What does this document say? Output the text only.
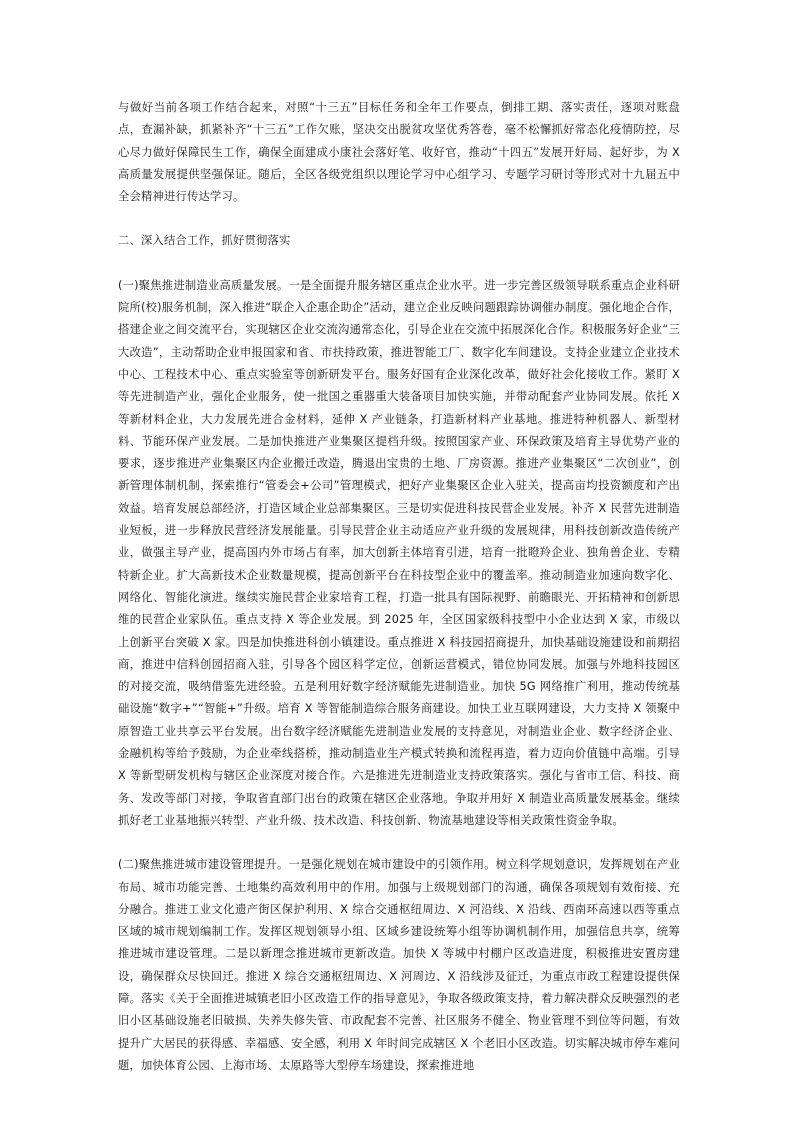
与做好当前各项工作结合起来，对照“十三五”目标任务和全年工作要点，倒排工期、落实责任，逐项对账盘点，查漏补缺，抓紧补齐“十三五”工作欠账，坚决交出脱贫攻坚优秀答卷，毫不松懈抓好常态化疫情防控，尽心尽力做好保障民生工作，确保全面建成小康社会落好笔、收好官，推动“十四五”发展开好局、起好步，为 X 高质量发展提供坚强保证。随后，全区各级党组织以理论学习中心组学习、专题学习研讨等形式对十九届五中全会精神进行传达学习。

二、深入结合工作，抓好贯彻落实

(一)聚焦推进制造业高质量发展。一是全面提升服务辖区重点企业水平。进一步完善区级领导联系重点企业科研院所(校)服务机制，深入推进“联企入企惠企助企”活动，建立企业反映问题跟踪协调催办制度。强化地企合作，搭建企业之间交流平台，实现辖区企业交流沟通常态化，引导企业在交流中拓展深化合作。积极服务好企业“三大改造”，主动帮助企业申报国家和省、市扶持政策，推进智能工厂、数字化车间建设。支持企业建立企业技术中心、工程技术中心、重点实验室等创新研发平台。服务好国有企业深化改革，做好社会化接收工作。紧盯 X 等先进制造产业，强化企业服务，使一批国之重器重大装备项目加快实施，并带动配套产业协同发展。依托 X 等新材料企业，大力发展先进合金材料，延伸 X 产业链条，打造新材料产业基地。推进特种机器人、新型材料、节能环保产业发展。二是加快推进产业集聚区提档升级。按照国家产业、环保政策及培育主导优势产业的要求，逐步推进产业集聚区内企业搬迁改造，腾退出宝贵的土地、厂房资源。推进产业集聚区“二次创业”，创新管理体制机制，探索推行“管委会+公司”管理模式，把好产业集聚区企业入驻关，提高亩均投资额度和产出效益。培育发展总部经济，打造区域企业总部集聚区。三是切实促进科技民营企业发展。补齐 X 民营先进制造业短板，进一步释放民营经济发展能量。引导民营企业主动适应产业升级的发展规律，用科技创新改造传统产业，做强主导产业，提高国内外市场占有率，加大创新主体培育引进，培育一批瞪羚企业、独角兽企业、专精特新企业。扩大高新技术企业数量规模，提高创新平台在科技型企业中的覆盖率。推动制造业加速向数字化、网络化、智能化演进。继续实施民营企业家培育工程，打造一批具有国际视野、前瞻眼光、开拓精神和创新思维的民营企业家队伍。重点支持 X 等企业发展。到 2025 年，全区国家级科技型中小企业达到 X 家，市级以上创新平台突破 X 家。四是加快推进科创小镇建设。重点推进 X 科技园招商提升，加快基础设施建设和前期招商，推进中信科创园招商入驻，引导各个园区科学定位，创新运营模式，错位协同发展。加强与外地科技园区的对接交流，吸纳借鉴先进经验。五是利用好数字经济赋能先进制造业。加快 5G 网络推广利用，推动传统基础设施“数字+”“智能+”升级。培育 X 等智能制造综合服务商建设。加快工业互联网建设，大力支持 X 领聚中原智造工业共享云平台发展。出台数字经济赋能先进制造业发展的支持意见，对制造业企业、数字经济企业、金融机构等给予鼓励，为企业牵线搭桥，推动制造业生产模式转换和流程再造，着力迈向价值链中高端。引导 X 等新型研发机构与辖区企业深度对接合作。六是推进先进制造业支持政策落实。强化与省市工信、科技、商务、发改等部门对接，争取省直部门出台的政策在辖区企业落地。争取并用好 X 制造业高质量发展基金。继续抓好老工业基地振兴转型、产业升级、技术改造、科技创新、物流基地建设等相关政策性资金争取。

(二)聚焦推进城市建设管理提升。一是强化规划在城市建设中的引领作用。树立科学规划意识，发挥规划在产业布局、城市功能完善、土地集约高效利用中的作用。加强与上级规划部门的沟通，确保各项规划有效衔接、充分融合。推进工业文化遗产街区保护利用、X 综合交通枢纽周边、X 河沿线、X 沿线、西南环高速以西等重点区域的城市规划编制工作。发挥区规划领导小组、区域乡建设统筹小组等协调机制作用，加强信息共享，统筹推进城市建设管理。二是以新理念推进城市更新改造。加快 X 等城中村棚户区改造进度，积极推进安置房建设，确保群众尽快回迁。推进 X 综合交通枢纽周边、X 河周边、X 沿线涉及征迁，为重点市政工程建设提供保障。落实《关于全面推进城镇老旧小区改造工作的指导意见》，争取各级政策支持，着力解决群众反映强烈的老旧小区基础设施老旧破损、失养失修失管、市政配套不完善、社区服务不健全、物业管理不到位等问题，有效提升广大居民的获得感、幸福感、安全感，利用 X 年时间完成辖区 X 个老旧小区改造。切实解决城市停车难问题，加快体育公园、上海市场、太原路等大型停车场建设，探索推进地
